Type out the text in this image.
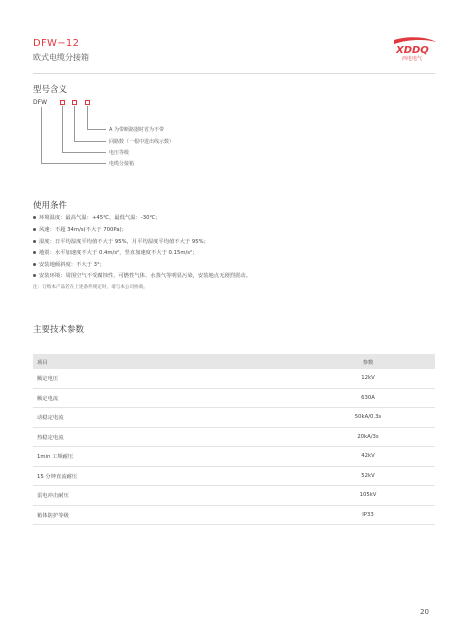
DFW−12
欧式电缆分接箱
XDDQ
西电电气
型号含义
DFW
A 为带断路器时省为不带
回路数（一根中进出线示数）
电压等级
电缆分接箱
使用条件
环境温度：最高气温：+45℃，最低气温：-30℃；
风速：不超 34m/s(不大于 700Pa)；
湿度：日平均湿度平均值不大于 95%，月平均湿度平均值不大于 95%；
地震：水平加速度不大于 0.4m/s²，竖直加速度不大于 0.15m/s²；
安装地倾斜度：不大于 3°；
安装环境：周围空气不受腐蚀性、可燃性气体、水蒸气等明显污染，安装地点无剧烈震动。
注：订购本产品若在上述条件规定时，请与本公司协商。
主要技术参数
项目	参数
额定电压	12kV
额定电流	630A
动稳定电流	50kA/0.3s
热稳定电流	20kA/3s
1min 工频耐压	42kV
15 分钟直流耐压	52kV
雷电冲击耐压	105kV
箱体防护等级	IP33
20
